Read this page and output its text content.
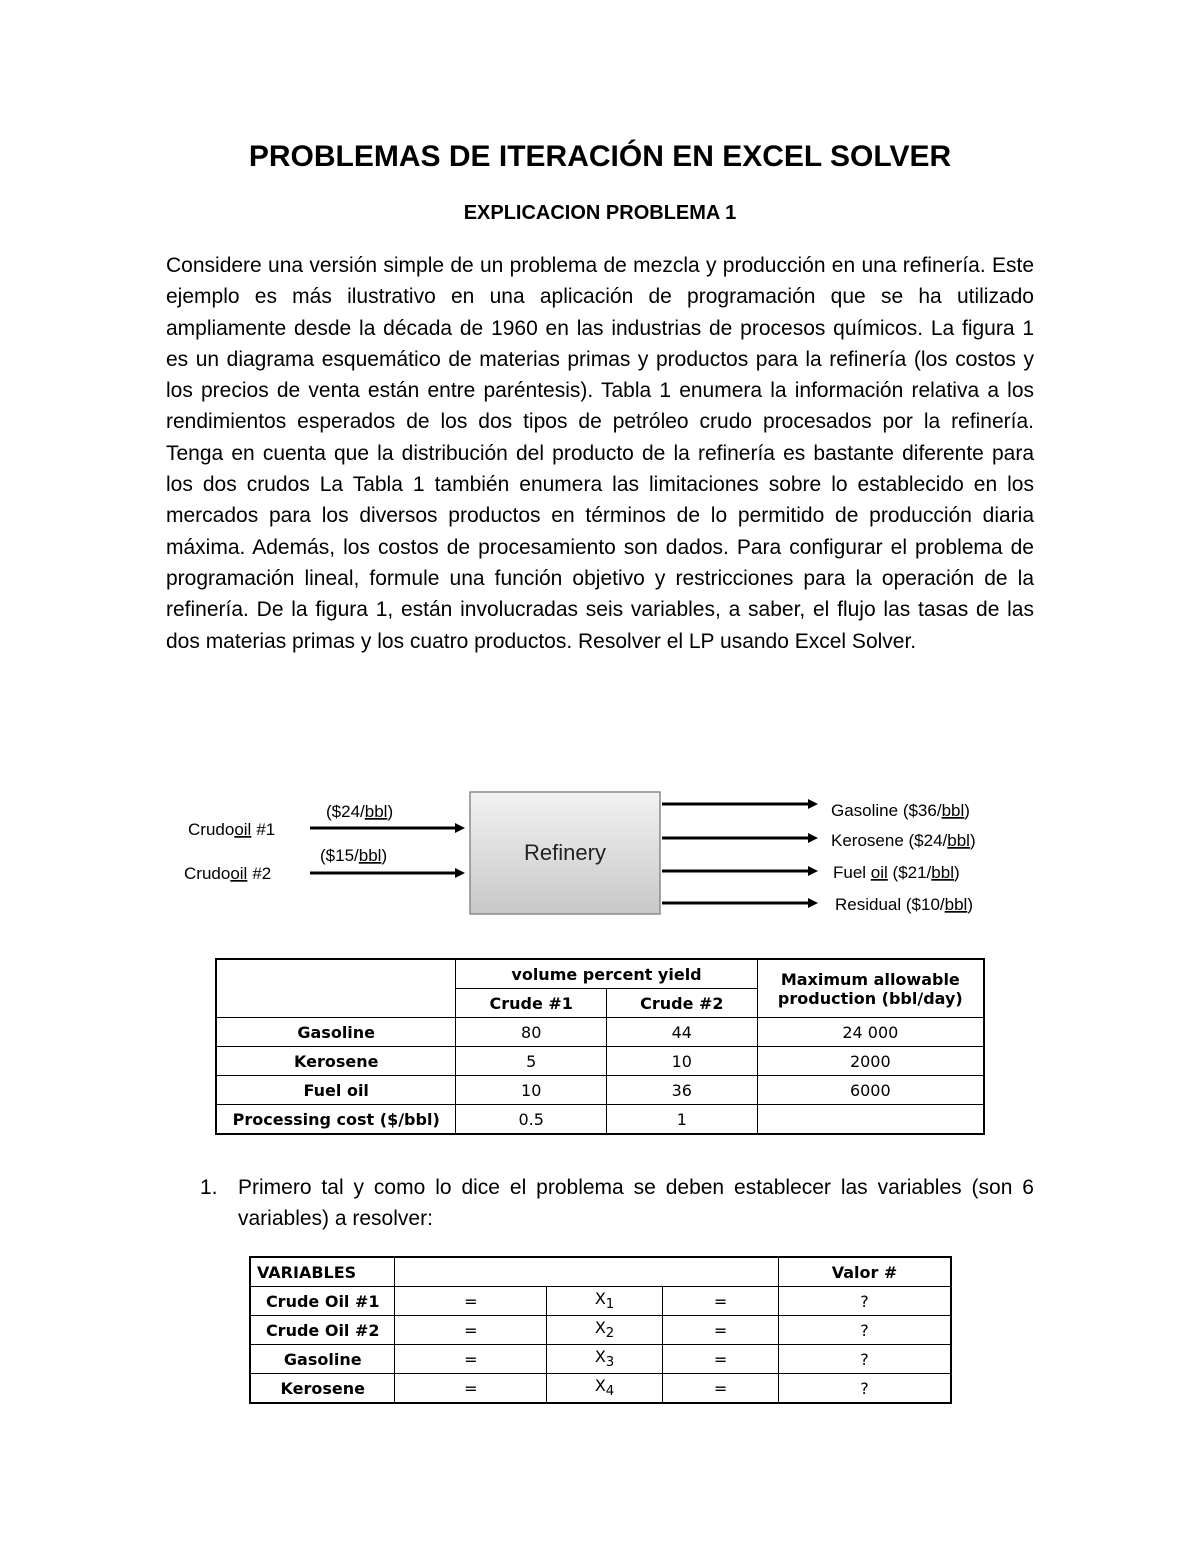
PROBLEMAS DE ITERACIÓN EN EXCEL SOLVER
EXPLICACION PROBLEMA 1

Considere una versión simple de un problema de mezcla y producción en una refinería. Este ejemplo es más ilustrativo en una aplicación de programación que se ha utilizado ampliamente desde la década de 1960 en las industrias de procesos químicos. La figura 1 es un diagrama esquemático de materias primas y productos para la refinería (los costos y los precios de venta están entre paréntesis). Tabla 1 enumera la información relativa a los rendimientos esperados de los dos tipos de petróleo crudo procesados por la refinería. Tenga en cuenta que la distribución del producto de la refinería es bastante diferente para los dos crudos La Tabla 1 también enumera las limitaciones sobre lo establecido en los mercados para los diversos productos en términos de lo permitido de producción diaria máxima. Además, los costos de procesamiento son dados. Para configurar el problema de programación lineal, formule una función objetivo y restricciones para la operación de la refinería. De la figura 1, están involucradas seis variables, a saber, el flujo las tasas de las dos materias primas y los cuatro productos. Resolver el LP usando Excel Solver.

Refinery
Crudooil #1
($24/bbl)
Crudooil #2
($15/bbl)
Gasoline ($36/bbl)
Kerosene ($24/bbl)
Fuel oil ($21/bbl)
Residual ($10/bbl)
	volume percent yield		Maximum allowable production (bbl/day)
	Crude #1	Crude #2	
Gasoline	80	44	24 000
Kerosene	5	10	2000
Fuel oil	10	36	6000
Processing cost ($/bbl)	0.5	1	
1. Primero tal y como lo dice el problema se deben establecer las variables (son 6 variables) a resolver:
VARIABLES				Valor #
Crude Oil #1	=	$X_1$	=	?
Crude Oil #2	=	$X_2$	=	?
Gasoline	=	$X_3$	=	?
Kerosene	=	$X_4$	=	?
